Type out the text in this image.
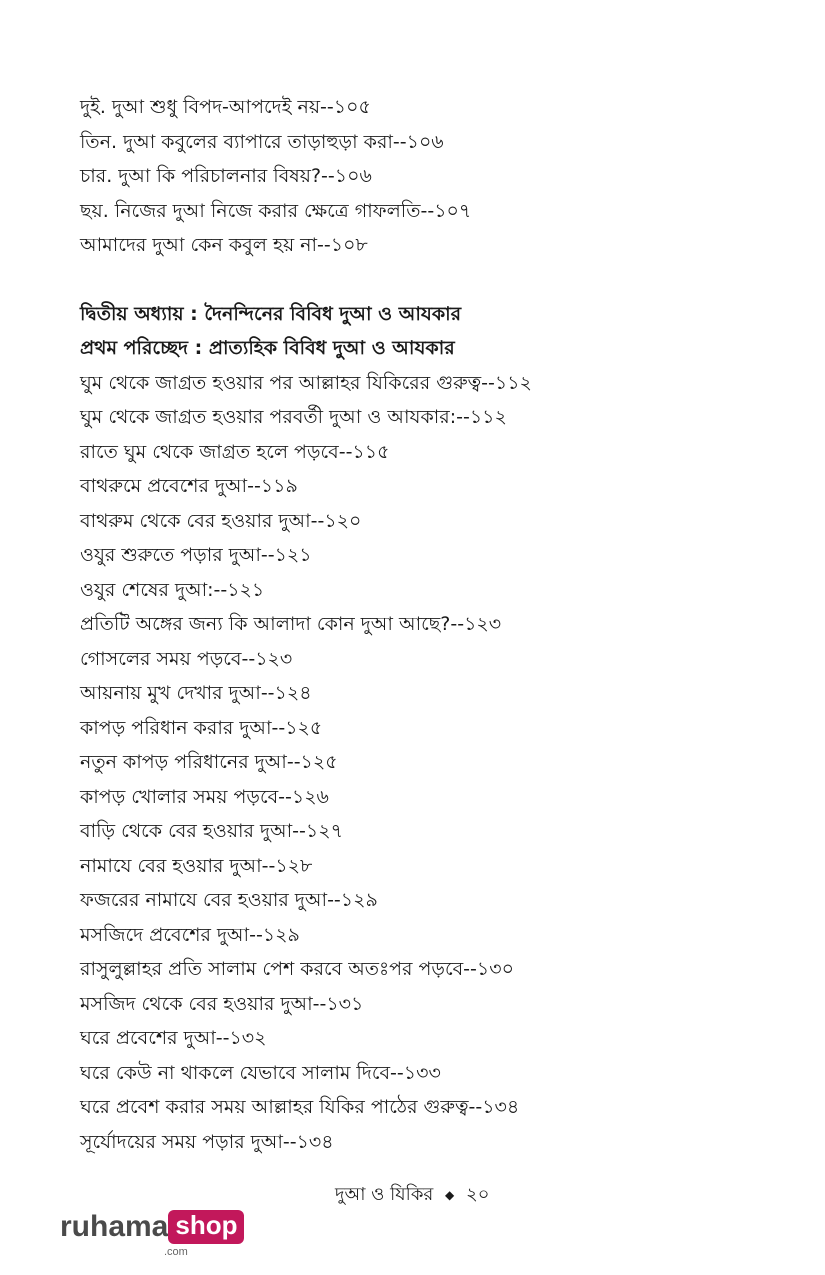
দুই. দুআ শুধু বিপদ-আপদেই নয়--১০৫
তিন. দুআ কবুলের ব্যাপারে তাড়াহুড়া করা--১০৬
চার. দুআ কি পরিচালনার বিষয়?--১০৬
ছয়. নিজের দুআ নিজে করার ক্ষেত্রে গাফলতি--১০৭
আমাদের দুআ কেন কবুল হয় না--১০৮
দ্বিতীয় অধ্যায় : দৈনন্দিনের বিবিধ দুআ ও আযকার
প্রথম পরিচ্ছেদ : প্রাত্যহিক বিবিধ দুআ ও আযকার
ঘুম থেকে জাগ্রত হওয়ার পর আল্লাহর যিকিরের গুরুত্ব--১১২
ঘুম থেকে জাগ্রত হওয়ার পরবর্তী দুআ ও আযকার:--১১২
রাতে ঘুম থেকে জাগ্রত হলে পড়বে--১১৫
বাথরুমে প্রবেশের দুআ--১১৯
বাথরুম থেকে বের হওয়ার দুআ--১২০
ওযুর শুরুতে পড়ার দুআ--১২১
ওযুর শেষের দুআ:--১২১
প্রতিটি অঙ্গের জন্য কি আলাদা কোন দুআ আছে?--১২৩
গোসলের সময় পড়বে--১২৩
আয়নায় মুখ দেখার দুআ--১২৪
কাপড় পরিধান করার দুআ--১২৫
নতুন কাপড় পরিধানের দুআ--১২৫
কাপড় খোলার সময় পড়বে--১২৬
বাড়ি থেকে বের হওয়ার দুআ--১২৭
নামাযে বের হওয়ার দুআ--১২৮
ফজরের নামাযে বের হওয়ার দুআ--১২৯
মসজিদে প্রবেশের দুআ--১২৯
রাসুলুল্লাহর প্রতি সালাম পেশ করবে অতঃপর পড়বে--১৩০
মসজিদ থেকে বের হওয়ার দুআ--১৩১
ঘরে প্রবেশের দুআ--১৩২
ঘরে কেউ না থাকলে যেভাবে সালাম দিবে--১৩৩
ঘরে প্রবেশ করার সময় আল্লাহর যিকির পাঠের গুরুত্ব--১৩৪
সূর্যোদয়ের সময় পড়ার দুআ--১৩৪
দুআ ও যিকির ◆ ২০
ruhama shop
.com
